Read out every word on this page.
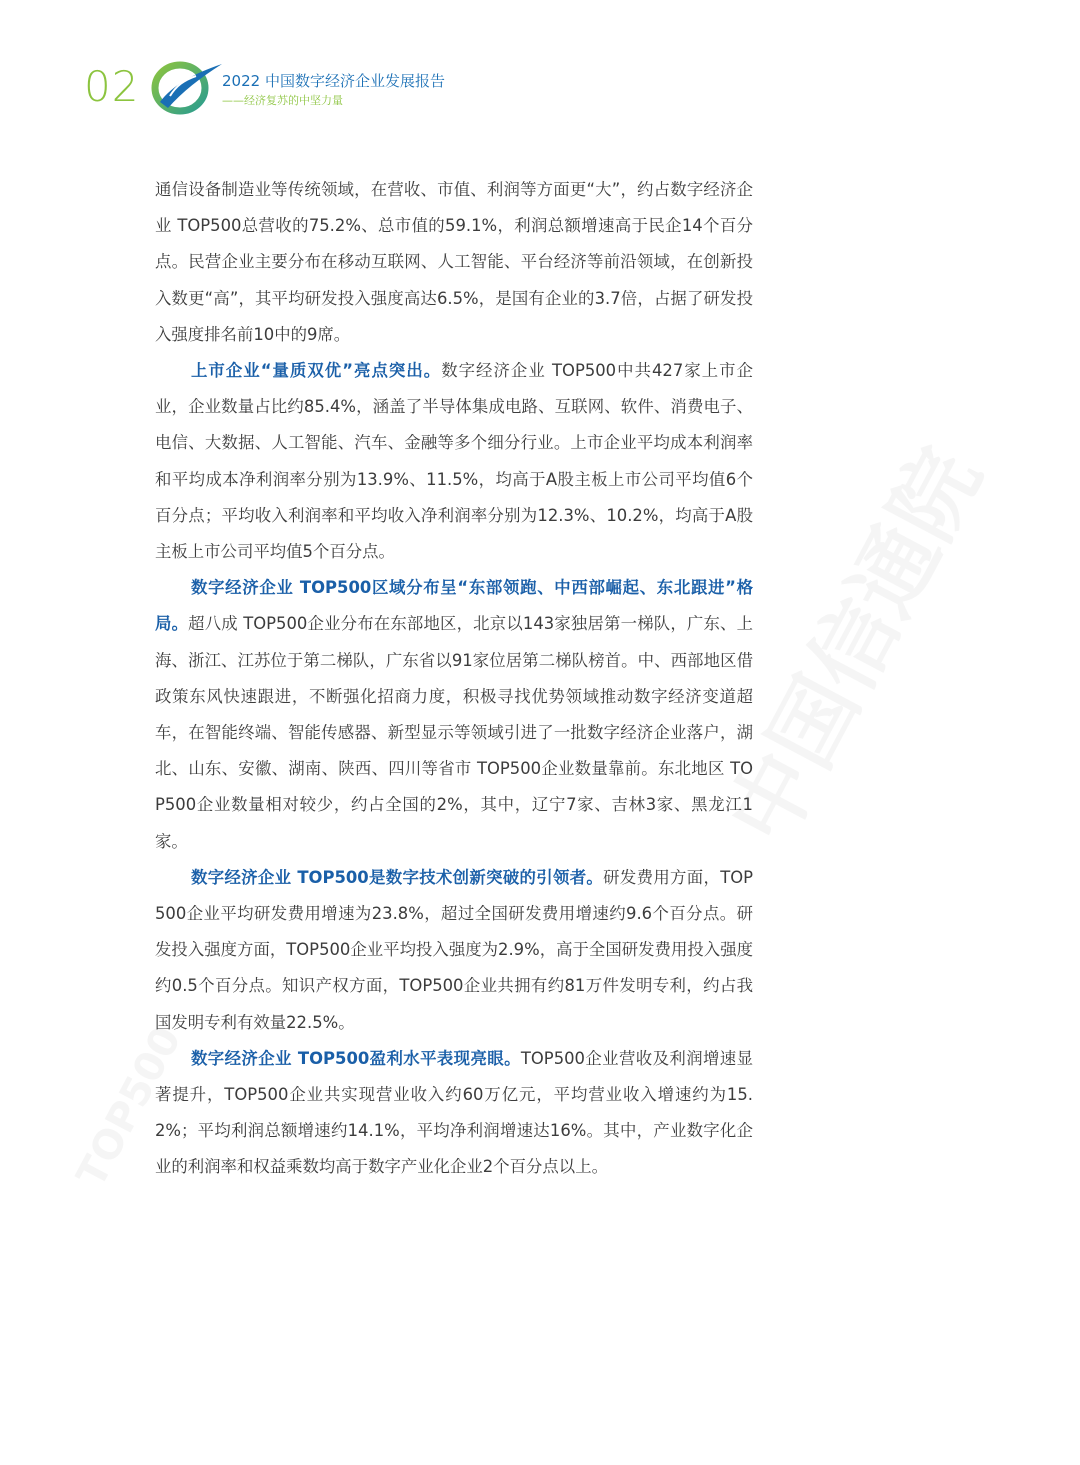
02	2022 中国数字经济企业发展报告
——经济复苏的中坚力量
中国信通院
TOP500

通信设备制造业等传统领域，在营收、市值、利润等方面更“大”，约占数字经济企业 TOP500总营收的75.2%、总市值的59.1%，利润总额增速高于民企14个百分点。民营企业主要分布在移动互联网、人工智能、平台经济等前沿领域，在创新投入数更“高”，其平均研发投入强度高达6.5%，是国有企业的3.7倍，占据了研发投入强度排名前10中的9席。

上市企业“量质双优”亮点突出。数字经济企业 TOP500中共427家上市企业，企业数量占比约85.4%，涵盖了半导体集成电路、互联网、软件、消费电子、电信、大数据、人工智能、汽车、金融等多个细分行业。上市企业平均成本利润率和平均成本净利润率分别为13.9%、11.5%，均高于A股主板上市公司平均值6个百分点；平均收入利润率和平均收入净利润率分别为12.3%、10.2%，均高于A股主板上市公司平均值5个百分点。

数字经济企业 TOP500区域分布呈“东部领跑、中西部崛起、东北跟进”格局。超八成 TOP500企业分布在东部地区，北京以143家独居第一梯队，广东、上海、浙江、江苏位于第二梯队，广东省以91家位居第二梯队榜首。中、西部地区借政策东风快速跟进，不断强化招商力度，积极寻找优势领域推动数字经济变道超车，在智能终端、智能传感器、新型显示等领域引进了一批数字经济企业落户，湖北、山东、安徽、湖南、陕西、四川等省市 TOP500企业数量靠前。东北地区 TOP500企业数量相对较少，约占全国的2%，其中，辽宁7家、吉林3家、黑龙江1家。

数字经济企业 TOP500是数字技术创新突破的引领者。研发费用方面，TOP500企业平均研发费用增速为23.8%，超过全国研发费用增速约9.6个百分点。研发投入强度方面，TOP500企业平均投入强度为2.9%，高于全国研发费用投入强度约0.5个百分点。知识产权方面，TOP500企业共拥有约81万件发明专利，约占我国发明专利有效量22.5%。

数字经济企业 TOP500盈利水平表现亮眼。TOP500企业营收及利润增速显著提升，TOP500企业共实现营业收入约60万亿元，平均营业收入增速约为15.2%；平均利润总额增速约14.1%，平均净利润增速达16%。其中，产业数字化企业的利润率和权益乘数均高于数字产业化企业2个百分点以上。
